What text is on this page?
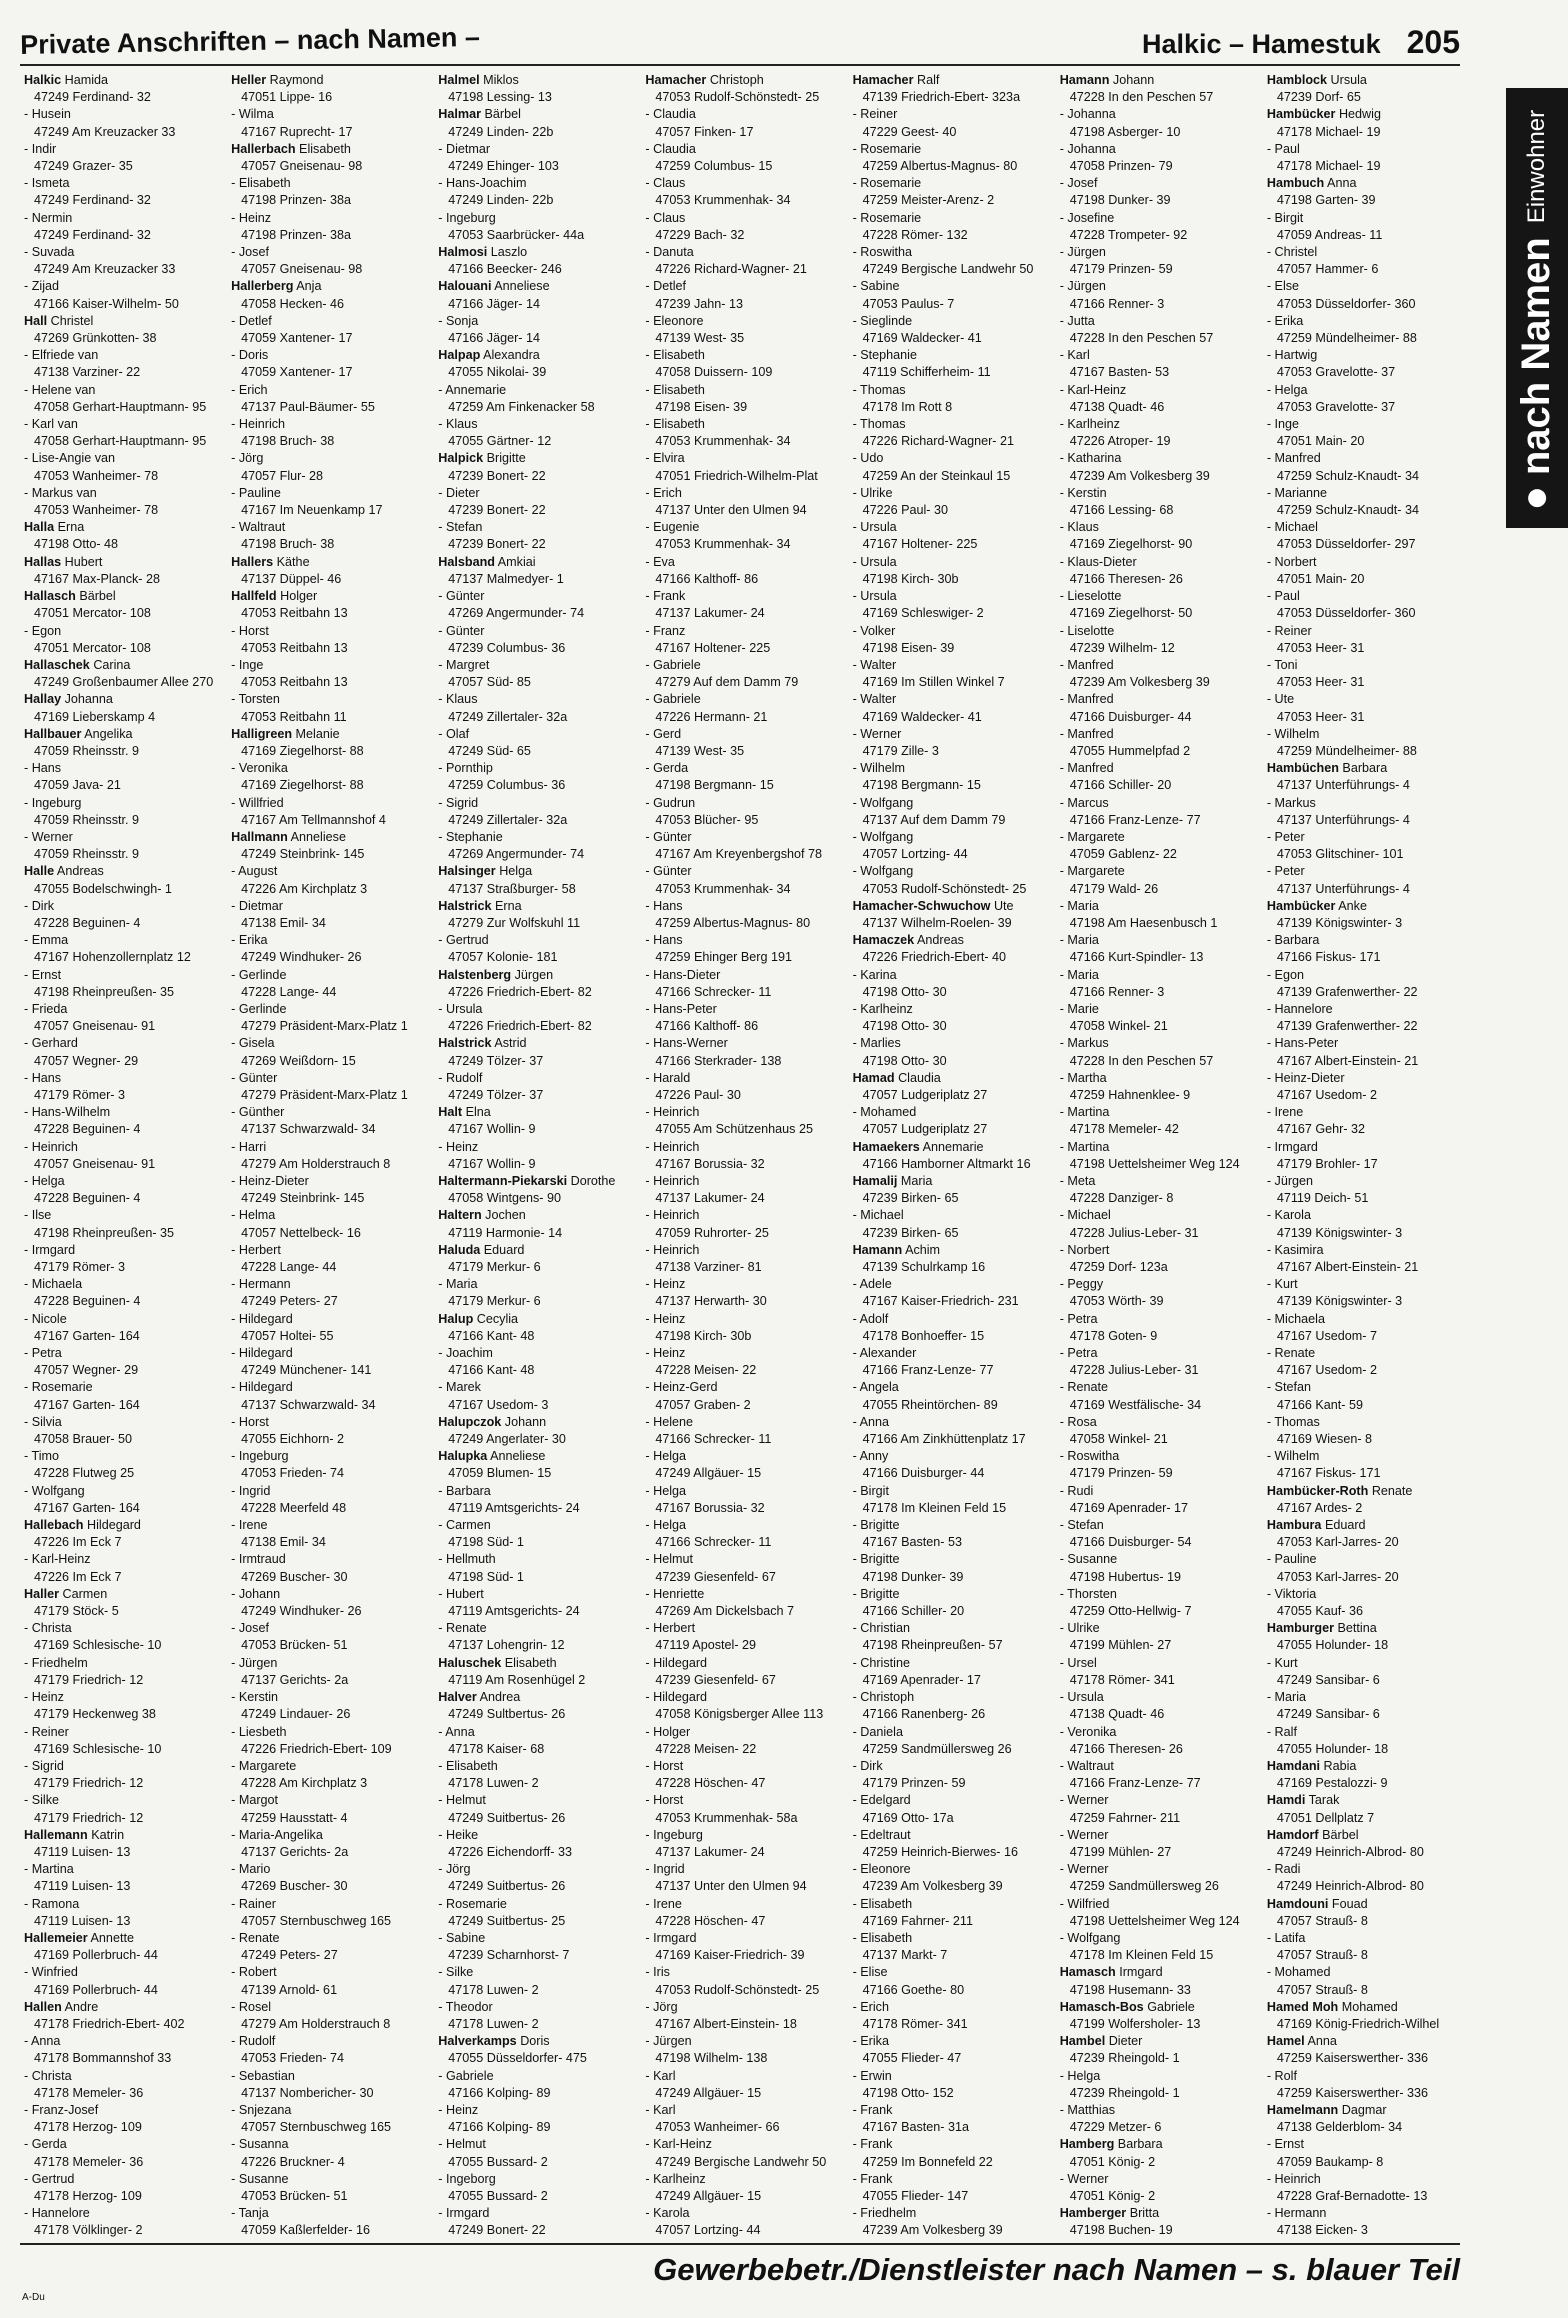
Private Anschriften – nach Namen –	Halkic – Hamestuk 205
Halkic Hamida
47249 Ferdinand- 32
- Husein
47249 Am Kreuzacker 33
- Indir
47249 Grazer- 35
- Ismeta
47249 Ferdinand- 32
- Nermin
47249 Ferdinand- 32
- Suvada
47249 Am Kreuzacker 33
- Zijad
47166 Kaiser-Wilhelm- 50
Hall Christel
47269 Grünkotten- 38
- Elfriede van
47138 Varziner- 22
- Helene van
47058 Gerhart-Hauptmann- 95
- Karl van
47058 Gerhart-Hauptmann- 95
- Lise-Angie van
47053 Wanheimer- 78
- Markus van
47053 Wanheimer- 78
Halla Erna
47198 Otto- 48
Hallas Hubert
47167 Max-Planck- 28
Hallasch Bärbel
47051 Mercator- 108
- Egon
47051 Mercator- 108
Hallaschek Carina
47249 Großenbaumer Allee 270
Hallay Johanna
47169 Lieberskamp 4
Hallbauer Angelika
47059 Rheinsstr. 9
- Hans
47059 Java- 21
- Ingeburg
47059 Rheinsstr. 9
- Werner
47059 Rheinsstr. 9
Halle Andreas
47055 Bodelschwingh- 1
- Dirk
47228 Beguinen- 4
- Emma
47167 Hohenzollernplatz 12
- Ernst
47198 Rheinpreußen- 35
- Frieda
47057 Gneisenau- 91
- Gerhard
47057 Wegner- 29
- Hans
47179 Römer- 3
- Hans-Wilhelm
47228 Beguinen- 4
- Heinrich
47057 Gneisenau- 91
- Helga
47228 Beguinen- 4
- Ilse
47198 Rheinpreußen- 35
- Irmgard
47179 Römer- 3
- Michaela
47228 Beguinen- 4
- Nicole
47167 Garten- 164
- Petra
47057 Wegner- 29
- Rosemarie
47167 Garten- 164
- Silvia
47058 Brauer- 50
- Timo
47228 Flutweg 25
- Wolfgang
47167 Garten- 164
Hallebach Hildegard
47226 Im Eck 7
- Karl-Heinz
47226 Im Eck 7
Haller Carmen
47179 Stöck- 5
- Christa
47169 Schlesische- 10
- Friedhelm
47179 Friedrich- 12
- Heinz
47179 Heckenweg 38
- Reiner
47169 Schlesische- 10
- Sigrid
47179 Friedrich- 12
- Silke
47179 Friedrich- 12
Hallemann Katrin
47119 Luisen- 13
- Martina
47119 Luisen- 13
- Ramona
47119 Luisen- 13
Hallemeier Annette
47169 Pollerbruch- 44
- Winfried
47169 Pollerbruch- 44
Hallen Andre
47178 Friedrich-Ebert- 402
- Anna
47178 Bommannshof 33
- Christa
47178 Memeler- 36
- Franz-Josef
47178 Herzog- 109
- Gerda
47178 Memeler- 36
- Gertrud
47178 Herzog- 109
- Hannelore
47178 Völklinger- 2
Heller Raymond
47051 Lippe- 16
- Wilma
47167 Ruprecht- 17
Hallerbach Elisabeth
47057 Gneisenau- 98
- Elisabeth
47198 Prinzen- 38a
- Heinz
47198 Prinzen- 38a
- Josef
47057 Gneisenau- 98
Hallerberg Anja
47058 Hecken- 46
- Detlef
47059 Xantener- 17
- Doris
47059 Xantener- 17
- Erich
47137 Paul-Bäumer- 55
- Heinrich
47198 Bruch- 38
- Jörg
47057 Flur- 28
- Pauline
47167 Im Neuenkamp 17
- Waltraut
47198 Bruch- 38
Hallers Käthe
47137 Düppel- 46
Hallfeld Holger
47053 Reitbahn 13
- Horst
47053 Reitbahn 13
- Inge
47053 Reitbahn 13
- Torsten
47053 Reitbahn 11
Halligreen Melanie
47169 Ziegelhorst- 88
- Veronika
47169 Ziegelhorst- 88
- Willfried
47167 Am Tellmannshof 4
Hallmann Anneliese
47249 Steinbrink- 145
- August
47226 Am Kirchplatz 3
- Dietmar
47138 Emil- 34
- Erika
47249 Windhuker- 26
- Gerlinde
47228 Lange- 44
- Gerlinde
47279 Präsident-Marx-Platz 1
- Gisela
47269 Weißdorn- 15
- Günter
47279 Präsident-Marx-Platz 1
- Günther
47137 Schwarzwald- 34
- Harri
47279 Am Holderstrauch 8
- Heinz-Dieter
47249 Steinbrink- 145
- Helma
47057 Nettelbeck- 16
- Herbert
47228 Lange- 44
- Hermann
47249 Peters- 27
- Hildegard
47057 Holtei- 55
- Hildegard
47249 Münchener- 141
- Hildegard
47137 Schwarzwald- 34
- Horst
47055 Eichhorn- 2
- Ingeburg
47053 Frieden- 74
- Ingrid
47228 Meerfeld 48
- Irene
47138 Emil- 34
- Irmtraud
47269 Buscher- 30
- Johann
47249 Windhuker- 26
- Josef
47053 Brücken- 51
- Jürgen
47137 Gerichts- 2a
- Kerstin
47249 Lindauer- 26
- Liesbeth
47226 Friedrich-Ebert- 109
- Margarete
47228 Am Kirchplatz 3
- Margot
47259 Hausstatt- 4
- Maria-Angelika
47137 Gerichts- 2a
- Mario
47269 Buscher- 30
- Rainer
47057 Sternbuschweg 165
- Renate
47249 Peters- 27
- Robert
47139 Arnold- 61
- Rosel
47279 Am Holderstrauch 8
- Rudolf
47053 Frieden- 74
- Sebastian
47137 Nombericher- 30
- Snjezana
47057 Sternbuschweg 165
- Susanna
47226 Bruckner- 4
- Susanne
47053 Brücken- 51
- Tanja
47059 Kaßlerfelder- 16
Halmel Miklos
47198 Lessing- 13
Halmar Bärbel
47249 Linden- 22b
- Dietmar
47249 Ehinger- 103
- Hans-Joachim
47249 Linden- 22b
- Ingeburg
47053 Saarbrücker- 44a
Halmosi Laszlo
47166 Beecker- 246
Halouani Anneliese
47166 Jäger- 14
- Sonja
47166 Jäger- 14
Halpap Alexandra
47055 Nikolai- 39
- Annemarie
47259 Am Finkenacker 58
- Klaus
47055 Gärtner- 12
Halpick Brigitte
47239 Bonert- 22
- Dieter
47239 Bonert- 22
- Stefan
47239 Bonert- 22
Halsband Amkiai
47137 Malmedyer- 1
- Günter
47269 Angermunder- 74
- Günter
47239 Columbus- 36
- Margret
47057 Süd- 85
- Klaus
47249 Zillertaler- 32a
- Olaf
47249 Süd- 65
- Pornthip
47259 Columbus- 36
- Sigrid
47249 Zillertaler- 32a
- Stephanie
47269 Angermunder- 74
Halsinger Helga
47137 Straßburger- 58
Halstrick Erna
47279 Zur Wolfskuhl 11
- Gertrud
47057 Kolonie- 181
Halstenberg Jürgen
47226 Friedrich-Ebert- 82
- Ursula
47226 Friedrich-Ebert- 82
Halstrick Astrid
47249 Tölzer- 37
- Rudolf
47249 Tölzer- 37
Halt Elna
47167 Wollin- 9
- Heinz
47167 Wollin- 9
Haltermann-Piekarski Dorothe
47058 Wintgens- 90
Haltern Jochen
47119 Harmonie- 14
Haluda Eduard
47179 Merkur- 6
- Maria
47179 Merkur- 6
Halup Cecylia
47166 Kant- 48
- Joachim
47166 Kant- 48
- Marek
47167 Usedom- 3
Halupczok Johann
47249 Angerlater- 30
Halupka Anneliese
47059 Blumen- 15
- Barbara
47119 Amtsgerichts- 24
- Carmen
47198 Süd- 1
- Hellmuth
47198 Süd- 1
- Hubert
47119 Amtsgerichts- 24
- Renate
47137 Lohengrin- 12
Haluschek Elisabeth
47119 Am Rosenhügel 2
Halver Andrea
47249 Sultbertus- 26
- Anna
47178 Kaiser- 68
- Elisabeth
47178 Luwen- 2
- Helmut
47249 Suitbertus- 26
- Heike
47226 Eichendorff- 33
- Jörg
47249 Suitbertus- 26
- Rosemarie
47249 Suitbertus- 25
- Sabine
47239 Scharnhorst- 7
- Silke
47178 Luwen- 2
- Theodor
47178 Luwen- 2
Halverkamps Doris
47055 Düsseldorfer- 475
- Gabriele
47166 Kolping- 89
- Heinz
47166 Kolping- 89
- Helmut
47055 Bussard- 2
- Ingeborg
47055 Bussard- 2
- Irmgard
47249 Bonert- 22
Hamacher Christoph
47053 Rudolf-Schönstedt- 25
- Claudia
47057 Finken- 17
- Claudia
47259 Columbus- 15
- Claus
47053 Krummenhak- 34
- Claus
47229 Bach- 32
- Danuta
47226 Richard-Wagner- 21
- Detlef
47239 Jahn- 13
- Eleonore
47139 West- 35
- Elisabeth
47058 Duissern- 109
- Elisabeth
47198 Eisen- 39
- Elisabeth
47053 Krummenhak- 34
- Elvira
47051 Friedrich-Wilhelm-Plat
- Erich
47137 Unter den Ulmen 94
- Eugenie
47053 Krummenhak- 34
- Eva
47166 Kalthoff- 86
- Frank
47137 Lakumer- 24
- Franz
47167 Holtener- 225
- Gabriele
47279 Auf dem Damm 79
- Gabriele
47226 Hermann- 21
- Gerd
47139 West- 35
- Gerda
47198 Bergmann- 15
- Gudrun
47053 Blücher- 95
- Günter
47167 Am Kreyenbergshof 78
- Günter
47053 Krummenhak- 34
- Hans
47259 Albertus-Magnus- 80
- Hans
47259 Ehinger Berg 191
- Hans-Dieter
47166 Schrecker- 11
- Hans-Peter
47166 Kalthoff- 86
- Hans-Werner
47166 Sterkrader- 138
- Harald
47226 Paul- 30
- Heinrich
47055 Am Schützenhaus 25
- Heinrich
47167 Borussia- 32
- Heinrich
47137 Lakumer- 24
- Heinrich
47059 Ruhrorter- 25
- Heinrich
47138 Varziner- 81
- Heinz
47137 Herwarth- 30
- Heinz
47198 Kirch- 30b
- Heinz
47228 Meisen- 22
- Heinz-Gerd
47057 Graben- 2
- Helene
47166 Schrecker- 11
- Helga
47249 Allgäuer- 15
- Helga
47167 Borussia- 32
- Helga
47166 Schrecker- 11
- Helmut
47239 Giesenfeld- 67
- Henriette
47269 Am Dickelsbach 7
- Herbert
47119 Apostel- 29
- Hildegard
47239 Giesenfeld- 67
- Hildegard
47058 Königsberger Allee 113
- Holger
47228 Meisen- 22
- Horst
47228 Höschen- 47
- Horst
47053 Krummenhak- 58a
- Ingeburg
47137 Lakumer- 24
- Ingrid
47137 Unter den Ulmen 94
- Irene
47228 Höschen- 47
- Irmgard
47169 Kaiser-Friedrich- 39
- Iris
47053 Rudolf-Schönstedt- 25
- Jörg
47167 Albert-Einstein- 18
- Jürgen
47198 Wilhelm- 138
- Karl
47249 Allgäuer- 15
- Karl
47053 Wanheimer- 66
- Karl-Heinz
47249 Bergische Landwehr 50
- Karlheinz
47249 Allgäuer- 15
- Karola
47057 Lortzing- 44
Hamacher Ralf
47139 Friedrich-Ebert- 323a
- Reiner
47229 Geest- 40
- Rosemarie
47259 Albertus-Magnus- 80
- Rosemarie
47259 Meister-Arenz- 2
- Rosemarie
47228 Römer- 132
- Roswitha
47249 Bergische Landwehr 50
- Sabine
47053 Paulus- 7
- Sieglinde
47169 Waldecker- 41
- Stephanie
47119 Schifferheim- 11
- Thomas
47178 Im Rott 8
- Thomas
47226 Richard-Wagner- 21
- Udo
47259 An der Steinkaul 15
- Ulrike
47226 Paul- 30
- Ursula
47167 Holtener- 225
- Ursula
47198 Kirch- 30b
- Ursula
47169 Schleswiger- 2
- Volker
47198 Eisen- 39
- Walter
47169 Im Stillen Winkel 7
- Walter
47169 Waldecker- 41
- Werner
47179 Zille- 3
- Wilhelm
47198 Bergmann- 15
- Wolfgang
47137 Auf dem Damm 79
- Wolfgang
47057 Lortzing- 44
- Wolfgang
47053 Rudolf-Schönstedt- 25
Hamacher-Schwuchow Ute
47137 Wilhelm-Roelen- 39
Hamaczek Andreas
47226 Friedrich-Ebert- 40
- Karina
47198 Otto- 30
- Karlheinz
47198 Otto- 30
- Marlies
47198 Otto- 30
Hamad Claudia
47057 Ludgeriplatz 27
- Mohamed
47057 Ludgeriplatz 27
Hamaekers Annemarie
47166 Hamborner Altmarkt 16
Hamalij Maria
47239 Birken- 65
- Michael
47239 Birken- 65
Hamann Achim
47139 Schulrkamp 16
- Adele
47167 Kaiser-Friedrich- 231
- Adolf
47178 Bonhoeffer- 15
- Alexander
47166 Franz-Lenze- 77
- Angela
47055 Rheintörchen- 89
- Anna
47166 Am Zinkhüttenplatz 17
- Anny
47166 Duisburger- 44
- Birgit
47178 Im Kleinen Feld 15
- Brigitte
47167 Basten- 53
- Brigitte
47198 Dunker- 39
- Brigitte
47166 Schiller- 20
- Christian
47198 Rheinpreußen- 57
- Christine
47169 Apenrader- 17
- Christoph
47166 Ranenberg- 26
- Daniela
47259 Sandmüllersweg 26
- Dirk
47179 Prinzen- 59
- Edelgard
47169 Otto- 17a
- Edeltraut
47259 Heinrich-Bierwes- 16
- Eleonore
47239 Am Volkesberg 39
- Elisabeth
47169 Fahrner- 211
- Elisabeth
47137 Markt- 7
- Elise
47166 Goethe- 80
- Erich
47178 Römer- 341
- Erika
47055 Flieder- 47
- Erwin
47198 Otto- 152
- Frank
47167 Basten- 31a
- Frank
47259 Im Bonnefeld 22
- Frank
47055 Flieder- 147
- Friedhelm
47239 Am Volkesberg 39
Hamann Johann
47228 In den Peschen 57
- Johanna
47198 Asberger- 10
- Johanna
47058 Prinzen- 79
- Josef
47198 Dunker- 39
- Josefine
47228 Trompeter- 92
- Jürgen
47179 Prinzen- 59
- Jürgen
47166 Renner- 3
- Jutta
47228 In den Peschen 57
- Karl
47167 Basten- 53
- Karl-Heinz
47138 Quadt- 46
- Karlheinz
47226 Atroper- 19
- Katharina
47239 Am Volkesberg 39
- Kerstin
47166 Lessing- 68
- Klaus
47169 Ziegelhorst- 90
- Klaus-Dieter
47166 Theresen- 26
- Lieselotte
47169 Ziegelhorst- 50
- Liselotte
47239 Wilhelm- 12
- Manfred
47239 Am Volkesberg 39
- Manfred
47166 Duisburger- 44
- Manfred
47055 Hummelpfad 2
- Manfred
47166 Schiller- 20
- Marcus
47166 Franz-Lenze- 77
- Margarete
47059 Gablenz- 22
- Margarete
47179 Wald- 26
- Maria
47198 Am Haesenbusch 1
- Maria
47166 Kurt-Spindler- 13
- Maria
47166 Renner- 3
- Marie
47058 Winkel- 21
- Markus
47228 In den Peschen 57
- Martha
47259 Hahnenklee- 9
- Martina
47178 Memeler- 42
- Martina
47198 Uettelsheimer Weg 124
- Meta
47228 Danziger- 8
- Michael
47228 Julius-Leber- 31
- Norbert
47259 Dorf- 123a
- Peggy
47053 Wörth- 39
- Petra
47178 Goten- 9
- Petra
47228 Julius-Leber- 31
- Renate
47169 Westfälische- 34
- Rosa
47058 Winkel- 21
- Roswitha
47179 Prinzen- 59
- Rudi
47169 Apenrader- 17
- Stefan
47166 Duisburger- 54
- Susanne
47198 Hubertus- 19
- Thorsten
47259 Otto-Hellwig- 7
- Ulrike
47199 Mühlen- 27
- Ursel
47178 Römer- 341
- Ursula
47138 Quadt- 46
- Veronika
47166 Theresen- 26
- Waltraut
47166 Franz-Lenze- 77
- Werner
47259 Fahrner- 211
- Werner
47199 Mühlen- 27
- Werner
47259 Sandmüllersweg 26
- Wilfried
47198 Uettelsheimer Weg 124
- Wolfgang
47178 Im Kleinen Feld 15
Hamasch Irmgard
47198 Husemann- 33
Hamasch-Bos Gabriele
47199 Wolfersholer- 13
Hambel Dieter
47239 Rheingold- 1
- Helga
47239 Rheingold- 1
- Matthias
47229 Metzer- 6
Hamberg Barbara
47051 König- 2
- Werner
47051 König- 2
Hamberger Britta
47198 Buchen- 19
Hamblock Ursula
47239 Dorf- 65
Hambücker Hedwig
47178 Michael- 19
- Paul
47178 Michael- 19
Hambuch Anna
47198 Garten- 39
- Birgit
47059 Andreas- 11
- Christel
47057 Hammer- 6
- Else
47053 Düsseldorfer- 360
- Erika
47259 Mündelheimer- 88
- Hartwig
47053 Gravelotte- 37
- Helga
47053 Gravelotte- 37
- Inge
47051 Main- 20
- Manfred
47259 Schulz-Knaudt- 34
- Marianne
47259 Schulz-Knaudt- 34
- Michael
47053 Düsseldorfer- 297
- Norbert
47051 Main- 20
- Paul
47053 Düsseldorfer- 360
- Reiner
47053 Heer- 31
- Toni
47053 Heer- 31
- Ute
47053 Heer- 31
- Wilhelm
47259 Mündelheimer- 88
Hambüchen Barbara
47137 Unterführungs- 4
- Markus
47137 Unterführungs- 4
- Peter
47053 Glitschiner- 101
- Peter
47137 Unterführungs- 4
Hambücker Anke
47139 Königswinter- 3
- Barbara
47166 Fiskus- 171
- Egon
47139 Grafenwerther- 22
- Hannelore
47139 Grafenwerther- 22
- Hans-Peter
47167 Albert-Einstein- 21
- Heinz-Dieter
47167 Usedom- 2
- Irene
47167 Gehr- 32
- Irmgard
47179 Brohler- 17
- Jürgen
47119 Deich- 51
- Karola
47139 Königswinter- 3
- Kasimira
47167 Albert-Einstein- 21
- Kurt
47139 Königswinter- 3
- Michaela
47167 Usedom- 7
- Renate
47167 Usedom- 2
- Stefan
47166 Kant- 59
- Thomas
47169 Wiesen- 8
- Wilhelm
47167 Fiskus- 171
Hambücker-Roth Renate
47167 Ardes- 2
Hambura Eduard
47053 Karl-Jarres- 20
- Pauline
47053 Karl-Jarres- 20
- Viktoria
47055 Kauf- 36
Hamburger Bettina
47055 Holunder- 18
- Kurt
47249 Sansibar- 6
- Maria
47249 Sansibar- 6
- Ralf
47055 Holunder- 18
Hamdani Rabia
47169 Pestalozzi- 9
Hamdi Tarak
47051 Dellplatz 7
Hamdorf Bärbel
47249 Heinrich-Albrod- 80
- Radi
47249 Heinrich-Albrod- 80
Hamdouni Fouad
47057 Strauß- 8
- Latifa
47057 Strauß- 8
- Mohamed
47057 Strauß- 8
Hamed Moh Mohamed
47169 König-Friedrich-Wilhel
Hamel Anna
47259 Kaiserswerther- 336
- Rolf
47259 Kaiserswerther- 336
Hamelmann Dagmar
47138 Gelderblom- 34
- Ernst
47059 Baukamp- 8
- Heinrich
47228 Graf-Bernadotte- 13
- Hermann
47138 Eicken- 3
nach Namen
Einwohner
Gewerbebetr./Dienstleister nach Namen – s. blauer Teil
A-Du
